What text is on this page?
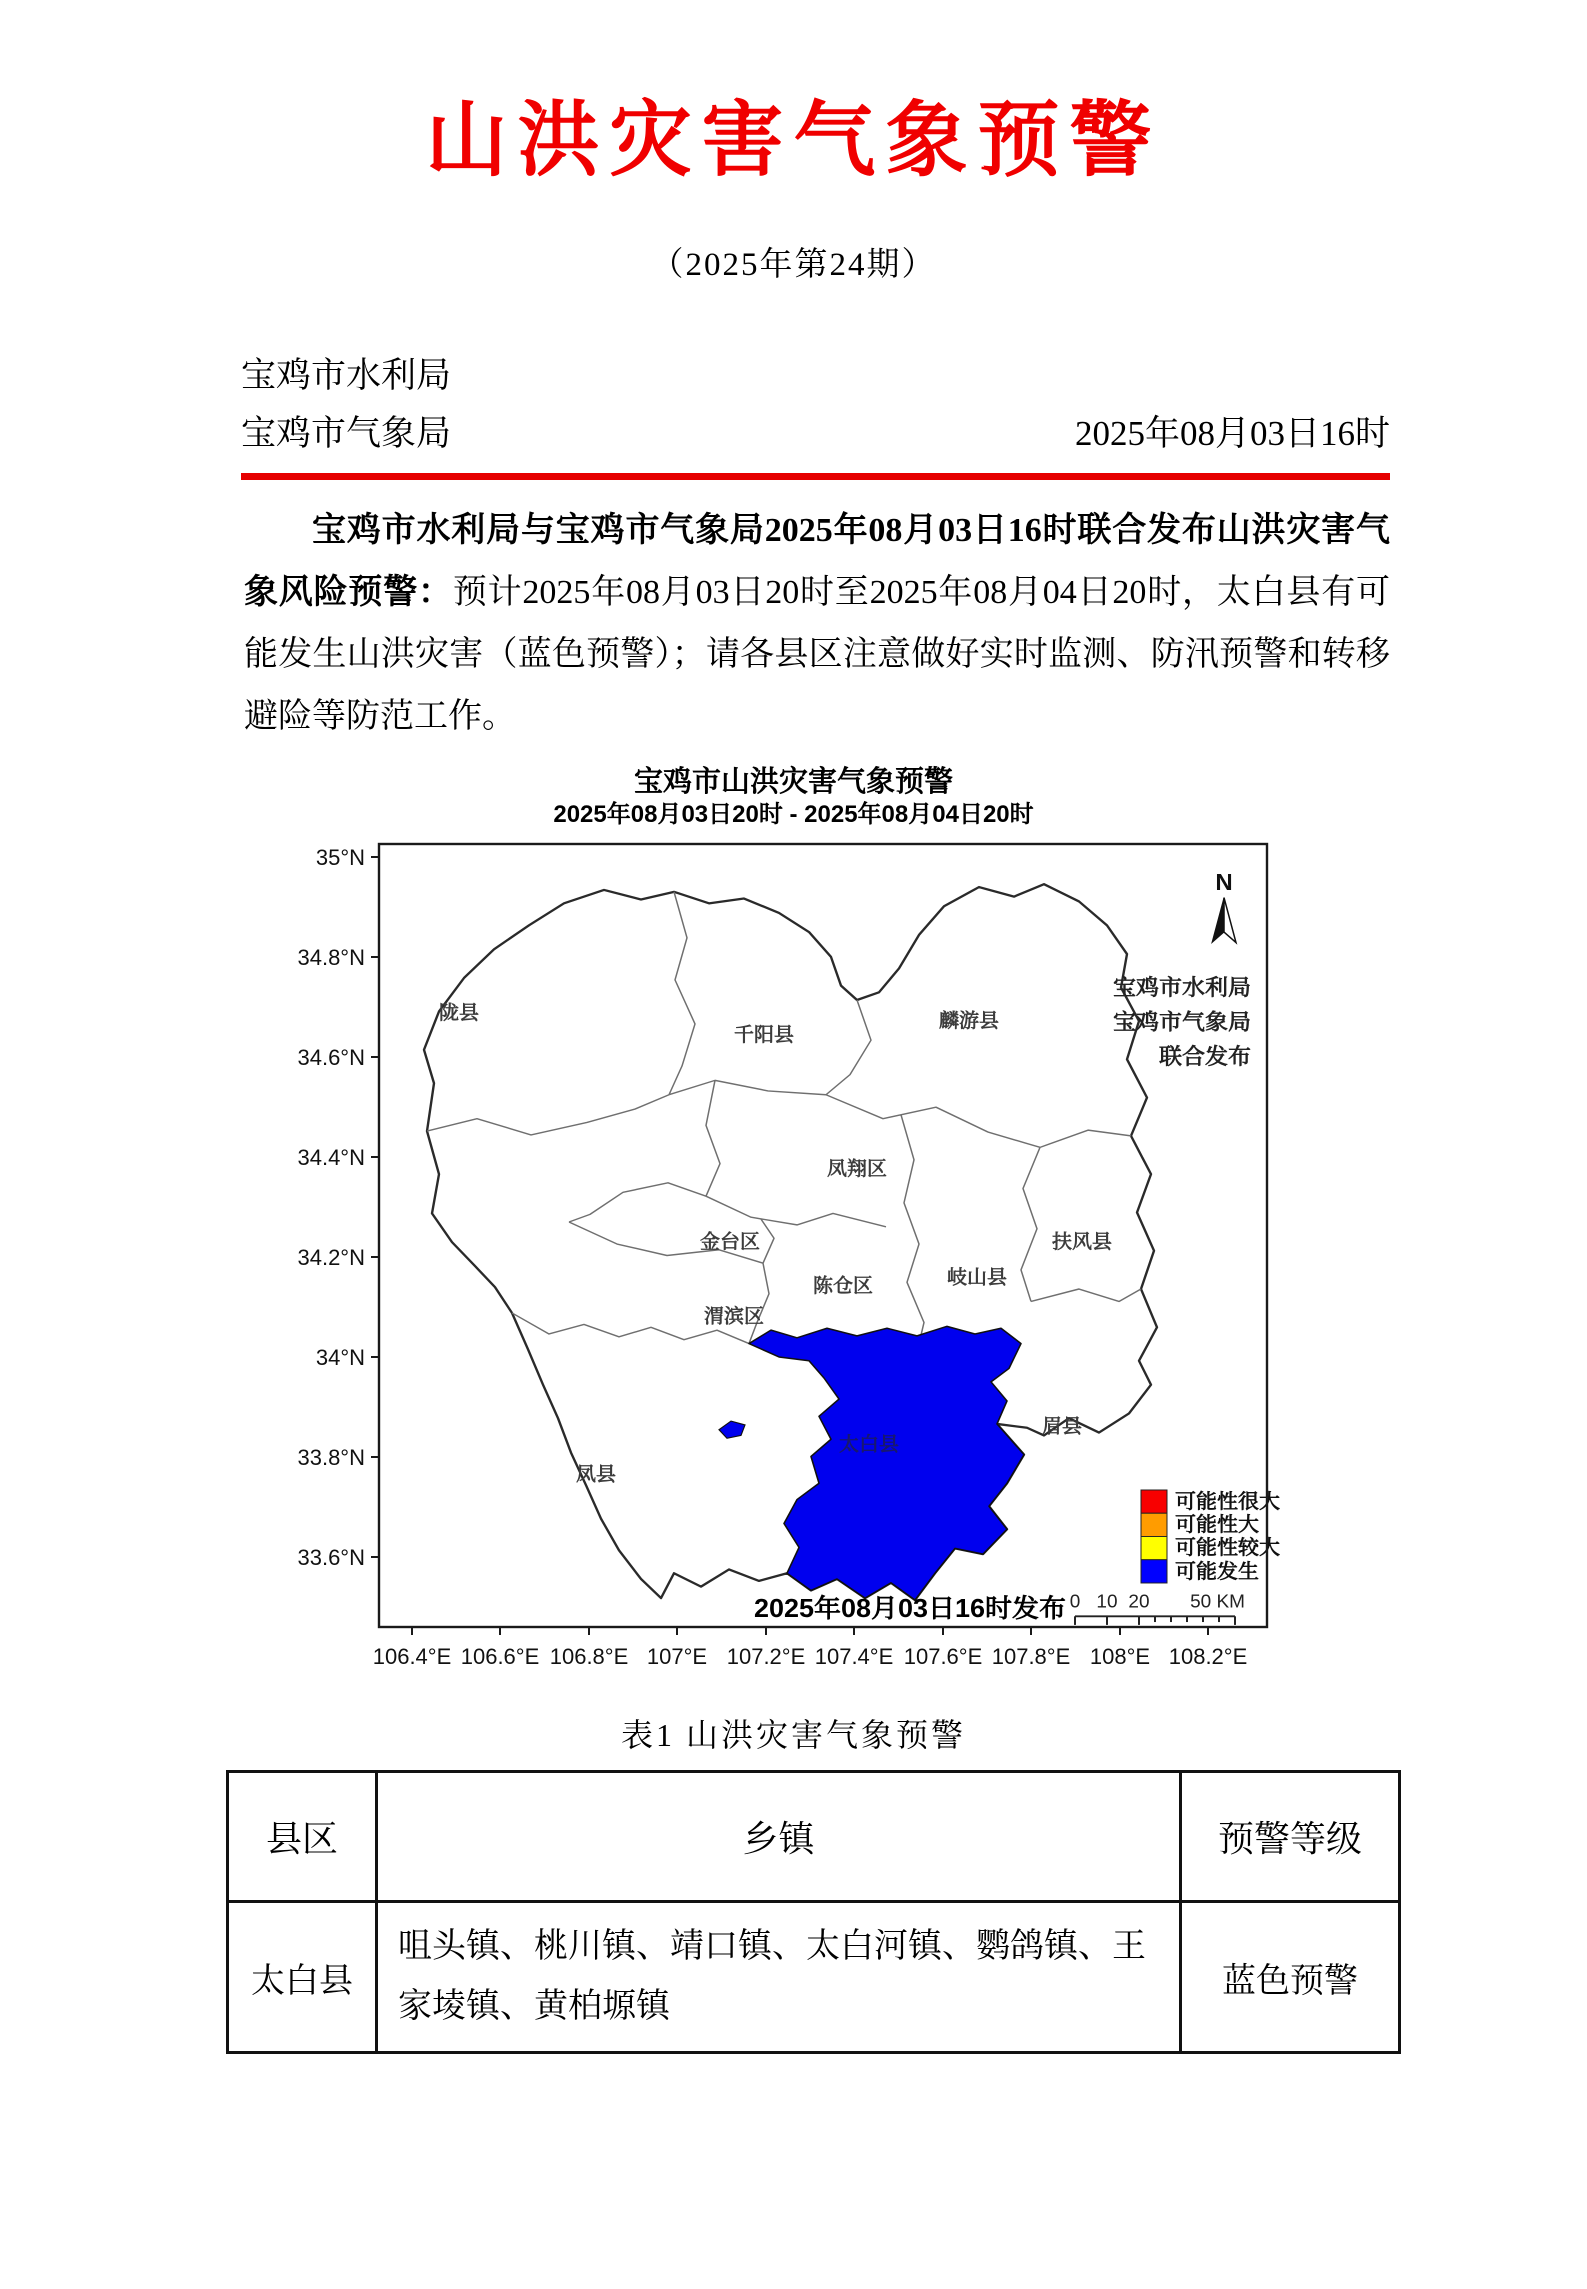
山洪灾害气象预警
（2025年第24期）
宝鸡市水利局
宝鸡市气象局	2025年08月03日16时

宝鸡市水利局与宝鸡市气象局2025年08月03日16时联合发布山洪灾害气象风险预警：预计2025年08月03日20时至2025年08月04日20时，太白县有可能发生山洪灾害（蓝色预警）；请各县区注意做好实时监测、防汛预警和转移避险等防范工作。

宝鸡市山洪灾害气象预警
2025年08月03日20时 - 2025年08月04日20时
陇县
千阳县
麟游县
凤翔区
金台区
陈仓区
渭滨区
岐山县
扶风县
眉县
凤县
太白县
N
宝鸡市水利局
宝鸡市气象局
联合发布
可能性很大
可能性大
可能性较大
可能发生
2025年08月03日16时发布 0 10 20 50 KM
35°N
34.8°N
34.6°N
34.4°N
34.2°N
34°N
33.8°N
33.6°N
106.4°E 106.6°E 106.8°E 107°E 107.2°E 107.4°E 107.6°E 107.8°E 108°E 108.2°E
表1 山洪灾害气象预警
县区	乡镇	预警等级
太白县	咀头镇、桃川镇、靖口镇、太白河镇、鹦鸽镇、王家堎镇、黄柏塬镇	蓝色预警
